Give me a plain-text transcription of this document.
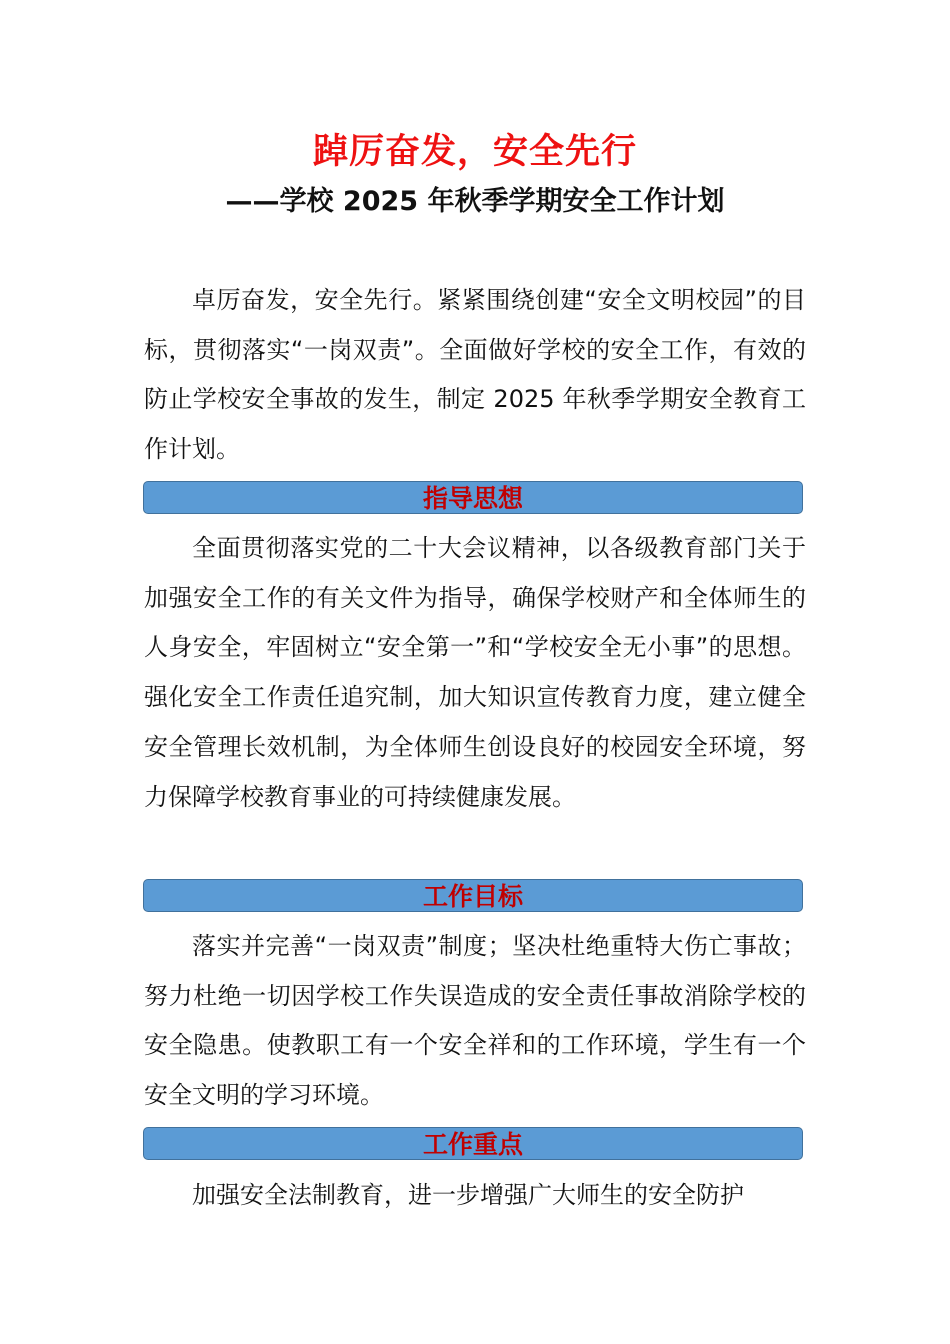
踔厉奋发，安全先行
——学校 2025 年秋季学期安全工作计划

卓厉奋发，安全先行。紧紧围绕创建“安全文明校园”的目标，贯彻落实“一岗双责”。全面做好学校的安全工作，有效的防止学校安全事故的发生，制定 2025 年秋季学期安全教育工作计划。

指导思想

全面贯彻落实党的二十大会议精神，以各级教育部门关于加强安全工作的有关文件为指导，确保学校财产和全体师生的人身安全，牢固树立“安全第一”和“学校安全无小事”的思想。强化安全工作责任追究制，加大知识宣传教育力度，建立健全安全管理长效机制，为全体师生创设良好的校园安全环境，努力保障学校教育事业的可持续健康发展。

工作目标

落实并完善“一岗双责”制度；坚决杜绝重特大伤亡事故；努力杜绝一切因学校工作失误造成的安全责任事故消除学校的安全隐患。使教职工有一个安全祥和的工作环境，学生有一个安全文明的学习环境。

工作重点

加强安全法制教育，进一步增强广大师生的安全防护
